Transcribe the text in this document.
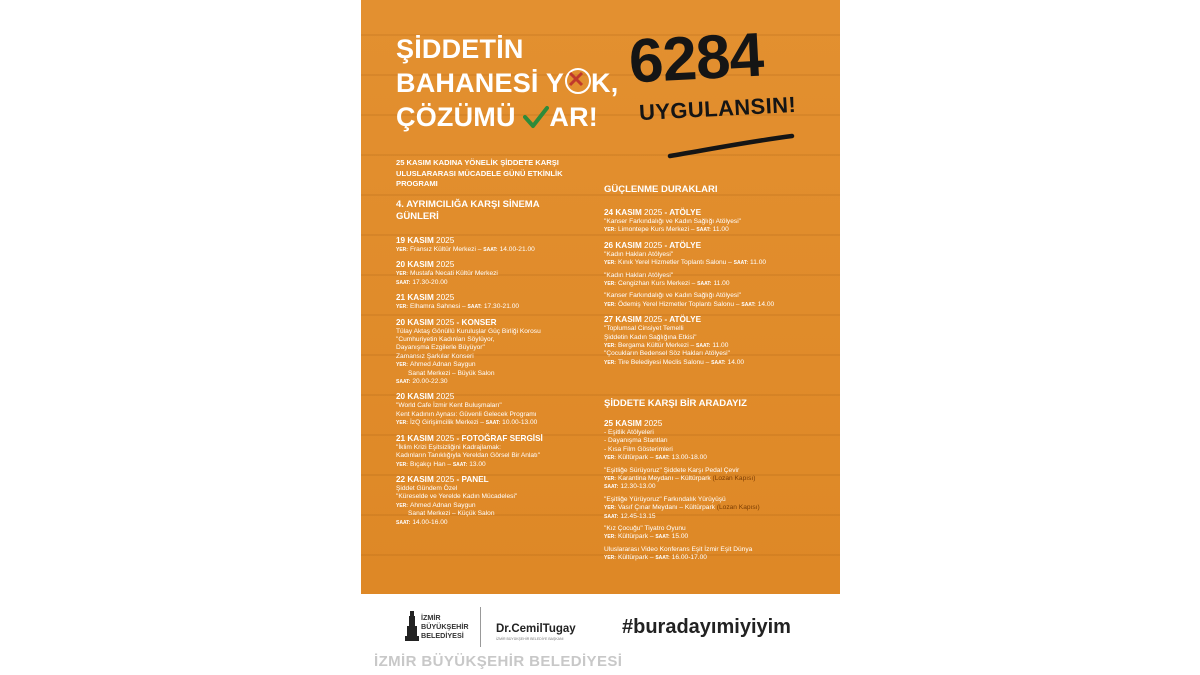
ŞİDDETİN
BAHANESİ Y K,
ÇÖZÜMÜ AR!
6284
UYGULANSIN!
25 KASIM KADINA YÖNELİK ŞİDDETE KARŞI ULUSLARARASI MÜCADELE GÜNÜ ETKİNLİK PROGRAMI
4. AYRIMCILIĞA KARŞI SİNEMA GÜNLERİ
19 KASIM 2025
YER: Fransız Kültür Merkezi – SAAT: 14.00-21.00
20 KASIM 2025
YER: Mustafa Necati Kültür Merkezi
SAAT: 17.30-20.00
21 KASIM 2025
YER: Elhamra Sahnesi – SAAT: 17.30-21.00
20 KASIM 2025 - KONSER
Tülay Aktaş Gönüllü Kuruluşlar Güç Birliği Korosu
"Cumhuriyetin Kadınları Söylüyor,
Dayanışma Ezgilerle Büyüyor"
Zamansız Şarkılar Konseri
YER: Ahmed Adnan Saygun
Sanat Merkezi – Büyük Salon
SAAT: 20.00-22.30
20 KASIM 2025
"World Cafe İzmir Kent Buluşmaları"
Kent Kadının Aynası: Güvenli Gelecek Programı
YER: İzQ Girişimcilik Merkezi – SAAT: 10.00-13.00
21 KASIM 2025 - FOTOĞRAF SERGİSİ
"İklim Krizi Eşitsizliğini Kadrajlamak:
Kadınların Tanıklığıyla Yereldan Görsel Bir Anlatı"
YER: Bıçakçı Han – SAAT: 13.00
22 KASIM 2025 - PANEL
Şiddet Gündem Özel
"Küreselde ve Yerelde Kadın Mücadelesi"
YER: Ahmed Adnan Saygun
Sanat Merkezi – Küçük Salon
SAAT: 14.00-16.00
GÜÇLENME DURAKLARI
24 KASIM 2025 - ATÖLYE
"Kanser Farkındalığı ve Kadın Sağlığı Atölyesi"
YER: Limontepe Kurs Merkezi – SAAT: 11.00
26 KASIM 2025 - ATÖLYE
"Kadın Hakları Atölyesi"
YER: Kınık Yerel Hizmetler Toplantı Salonu – SAAT: 11.00
"Kadın Hakları Atölyesi"
YER: Cengizhan Kurs Merkezi – SAAT: 11.00
"Kanser Farkındalığı ve Kadın Sağlığı Atölyesi"
YER: Ödemiş Yerel Hizmetler Toplantı Salonu – SAAT: 14.00
27 KASIM 2025 - ATÖLYE
"Toplumsal Cinsiyet Temelli
Şiddetin Kadın Sağlığına Etkisi"
YER: Bergama Kültür Merkezi – SAAT: 11.00
"Çocukların Bedensel Söz Hakları Atölyesi"
YER: Tire Belediyesi Meclis Salonu – SAAT: 14.00
ŞİDDETE KARŞI BİR ARADAYIZ
25 KASIM 2025
- Eşitlik Atölyeleri
- Dayanışma Stantları
- Kısa Film Gösterimleri
YER: Kültürpark – SAAT: 13.00-18.00
"Eşitliğe Sürüyoruz" Şiddete Karşı Pedal Çevir
YER: Karantina Meydanı – Kültürpark (Lozan Kapısı)
SAAT: 12.30-13.00
"Eşitliğe Yürüyoruz" Farkındalık Yürüyüşü
YER: Vasıf Çınar Meydanı – Kültürpark (Lozan Kapısı)
SAAT: 12.45-13.15
"Kız Çocuğu" Tiyatro Oyunu
YER: Kültürpark – SAAT: 15.00
Uluslararası Video Konferans Eşit İzmir Eşit Dünya
YER: Kültürpark – SAAT: 16.00-17.00
İZMİR
BÜYÜKŞEHİR
BELEDİYESİ
Dr.CemilTugay
İZMİR BÜYÜKŞEHİR BELEDİYE BAŞKANI
#buradayımiyiyim
İZMİR BÜYÜKŞEHİR BELEDİYESİ
